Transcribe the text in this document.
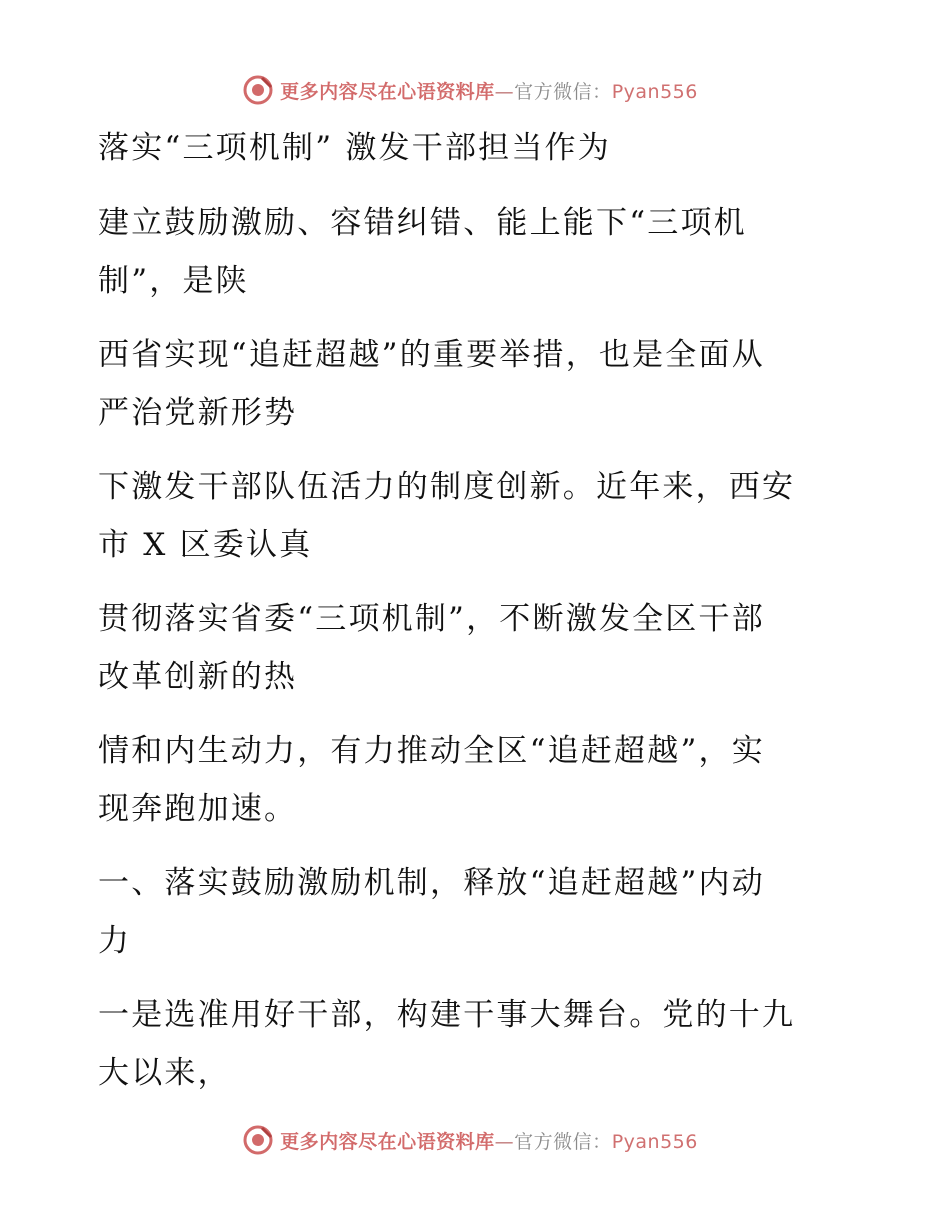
更多内容尽在心语资料库—官方微信：Pyan556
落实“三项机制” 激发干部担当作为
建立鼓励激励、容错纠错、能上能下“三项机
制”，是陕
西省实现“追赶超越”的重要举措，也是全面从
严治党新形势
下激发干部队伍活力的制度创新。近年来，西安
市 X 区委认真
贯彻落实省委“三项机制”，不断激发全区干部
改革创新的热
情和内生动力，有力推动全区“追赶超越”，实
现奔跑加速。
一、落实鼓励激励机制，释放“追赶超越”内动
力
一是选准用好干部，构建干事大舞台。党的十九
大以来，
更多内容尽在心语资料库—官方微信：Pyan556
